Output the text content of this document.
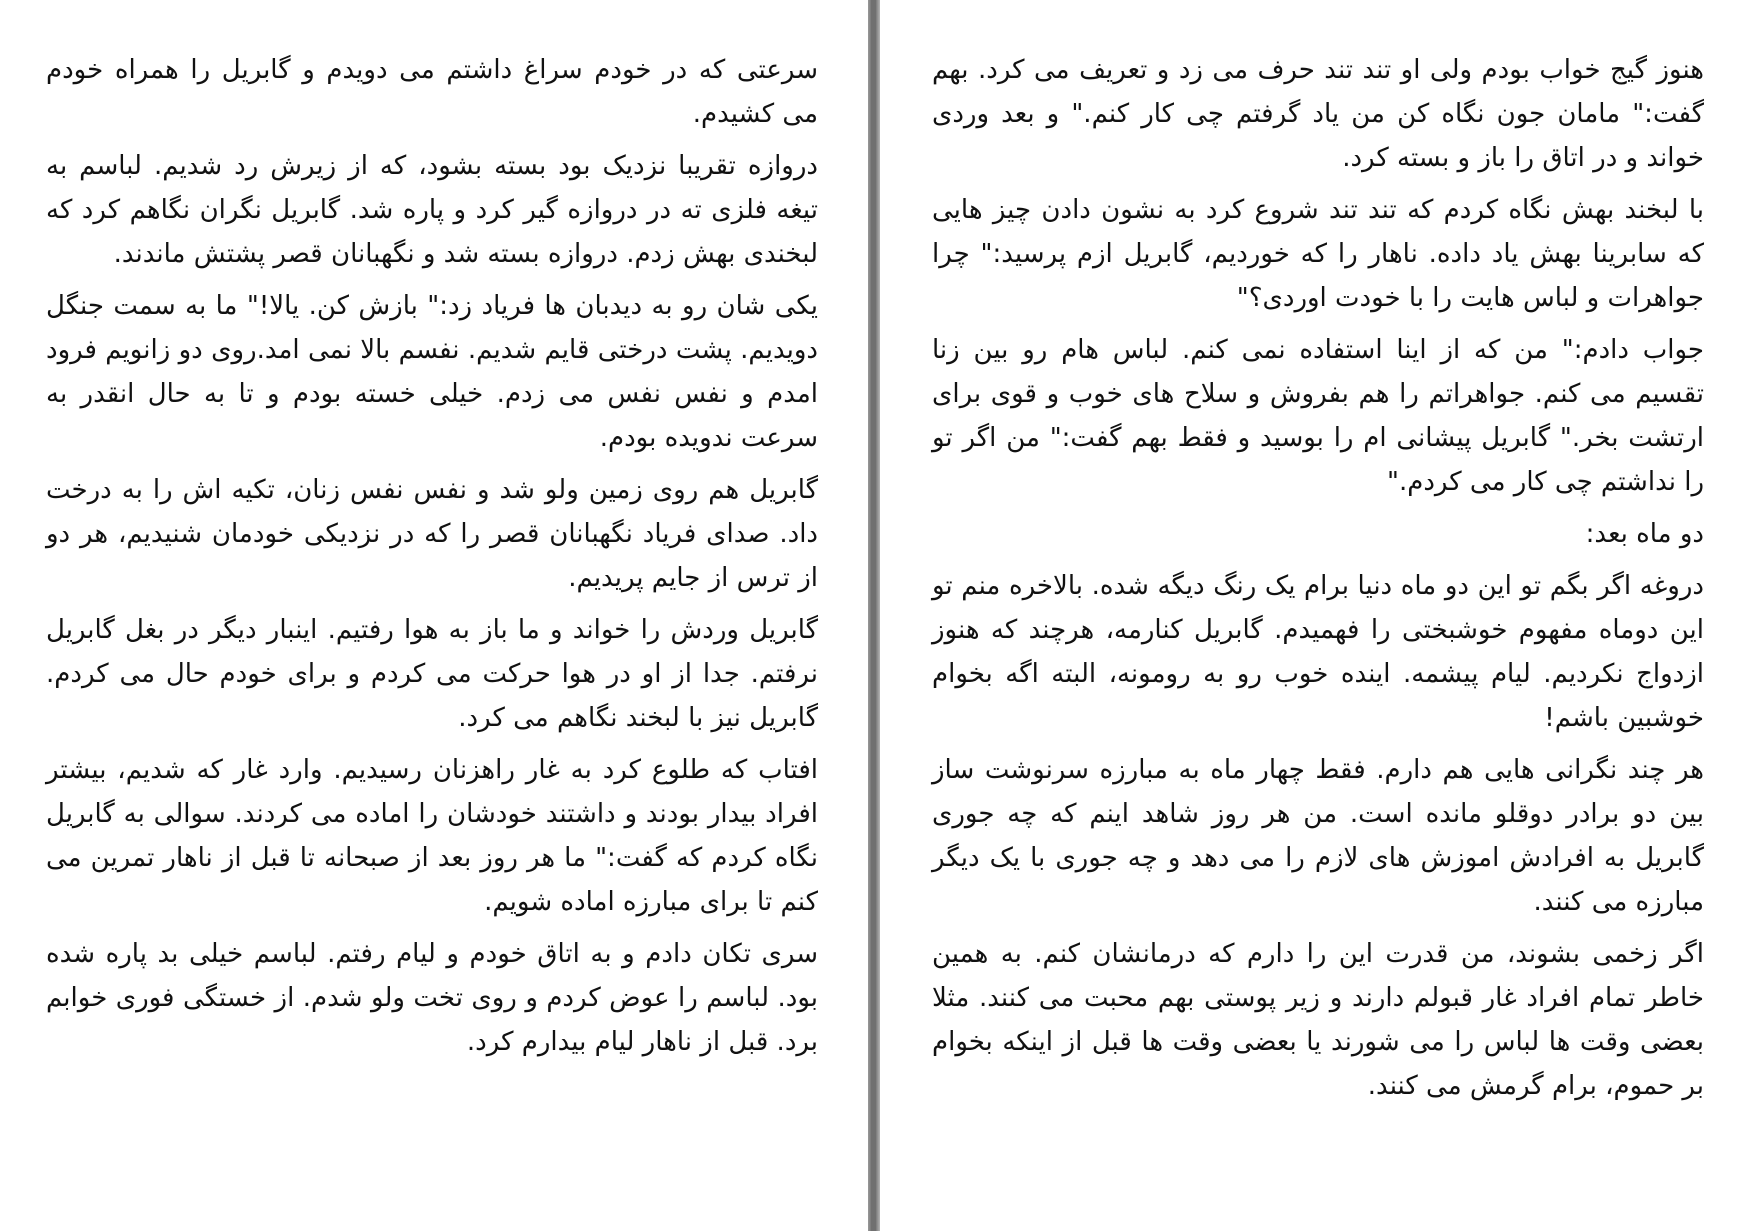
سرعتی که در خودم سراغ داشتم می دویدم و گابریل را همراه خودم می کشیدم.

دروازه تقریبا نزدیک بود بسته بشود، که از زیرش رد شدیم. لباسم به تیغه فلزی ته در دروازه گیر کرد و پاره شد. گابریل نگران نگاهم کرد که لبخندی بهش زدم. دروازه بسته شد و نگهبانان قصر پشتش ماندند.

یکی شان رو به دیدبان ها فریاد زد:" بازش کن. یالا!" ما به سمت جنگل دویدیم. پشت درختی قایم شدیم. نفسم بالا نمی امد.روی دو زانویم فرود امدم و نفس نفس می زدم. خیلی خسته بودم و تا به حال انقدر به سرعت ندویده بودم.

گابریل هم روی زمین ولو شد و نفس نفس زنان، تکیه اش را به درخت داد. صدای فریاد نگهبانان قصر را که در نزدیکی خودمان شنیدیم، هر دو از ترس از جایم پریدیم.

گابریل وردش را خواند و ما باز به هوا رفتیم. اینبار دیگر در بغل گابریل نرفتم. جدا از او در هوا حرکت می کردم و برای خودم حال می کردم. گابریل نیز با لبخند نگاهم می کرد.

افتاب که طلوع کرد به غار راهزنان رسیدیم. وارد غار که شدیم، بیشتر افراد بیدار بودند و داشتند خودشان را اماده می کردند. سوالی به گابریل نگاه کردم که گفت:" ما هر روز بعد از صبحانه تا قبل از ناهار تمرین می کنم تا برای مبارزه اماده شویم.

سری تکان دادم و به اتاق خودم و لیام رفتم. لباسم خیلی بد پاره شده بود. لباسم را عوض کردم و روی تخت ولو شدم. از خستگی فوری خوابم برد. قبل از ناهار لیام بیدارم کرد.

هنوز گیج خواب بودم ولی او تند تند حرف می زد و تعریف می کرد. بهم گفت:" مامان جون نگاه کن من یاد گرفتم چی کار کنم." و بعد وردی خواند و در اتاق را باز و بسته کرد.

با لبخند بهش نگاه کردم که تند تند شروع کرد به نشون دادن چیز هایی که سابرینا بهش یاد داده. ناهار را که خوردیم، گابریل ازم پرسید:" چرا جواهرات و لباس هایت را با خودت اوردی؟"

جواب دادم:" من که از اینا استفاده نمی کنم. لباس هام رو بین زنا تقسیم می کنم. جواهراتم را هم بفروش و سلاح های خوب و قوی برای ارتشت بخر." گابریل پیشانی ام را بوسید و فقط بهم گفت:" من اگر تو را نداشتم چی کار می کردم."

دو ماه بعد:

دروغه اگر بگم تو این دو ماه دنیا برام یک رنگ دیگه شده. بالاخره منم تو این دوماه مفهوم خوشبختی را فهمیدم. گابریل کنارمه، هرچند که هنوز ازدواج نکردیم. لیام پیشمه. اینده خوب رو به رومونه، البته اگه بخوام خوشبین باشم!

هر چند نگرانی هایی هم دارم. فقط چهار ماه به مبارزه سرنوشت ساز بین دو برادر دوقلو مانده است. من هر روز شاهد اینم که چه جوری گابریل به افرادش اموزش های لازم را می دهد و چه جوری با یک دیگر مبارزه می کنند.

اگر زخمی بشوند، من قدرت این را دارم که درمانشان کنم. به همین خاطر تمام افراد غار قبولم دارند و زیر پوستی بهم محبت می کنند. مثلا بعضی وقت ها لباس را می شورند یا بعضی وقت ها قبل از اینکه بخوام بر حموم، برام گرمش می کنند.
